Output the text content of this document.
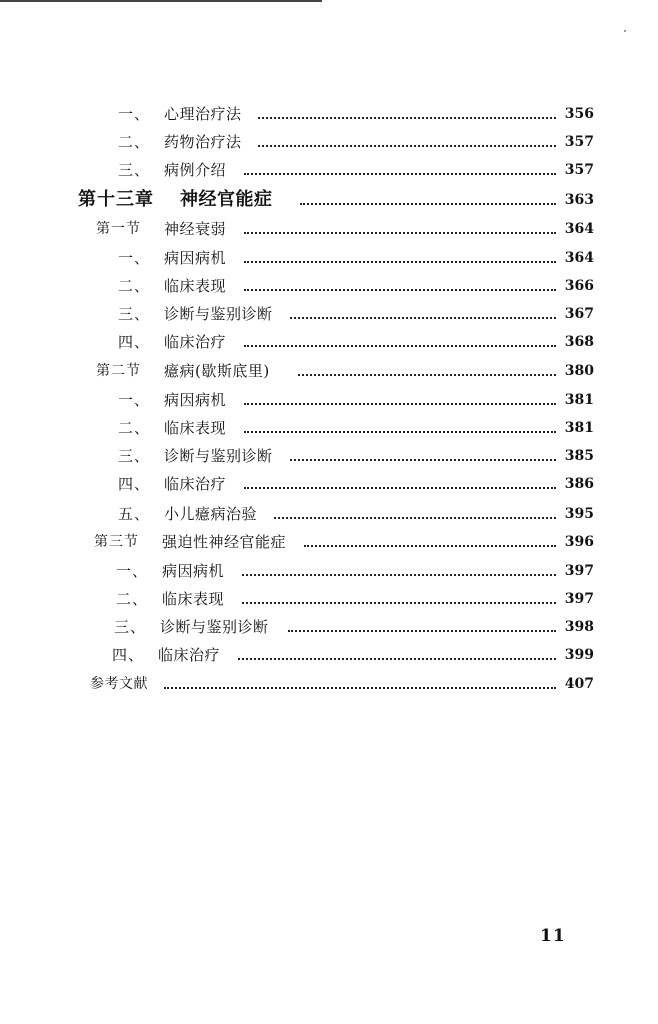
一、 心理治疗法	356
二、 药物治疗法	357
三、 病例介绍	357
第十三章 神经官能症	363
第一节 神经衰弱	364
一、 病因病机	364
二、 临床表现	366
三、 诊断与鉴别诊断	367
四、 临床治疗	368
第二节 癔病(歇斯底里)	380
一、 病因病机	381
二、 临床表现	381
三、 诊断与鉴别诊断	385
四、 临床治疗	386
五、 小儿癔病治验	395
第三节 强迫性神经官能症	396
一、 病因病机	397
二、 临床表现	397
三、 诊断与鉴别诊断	398
四、 临床治疗	399
参考文献	407
11
